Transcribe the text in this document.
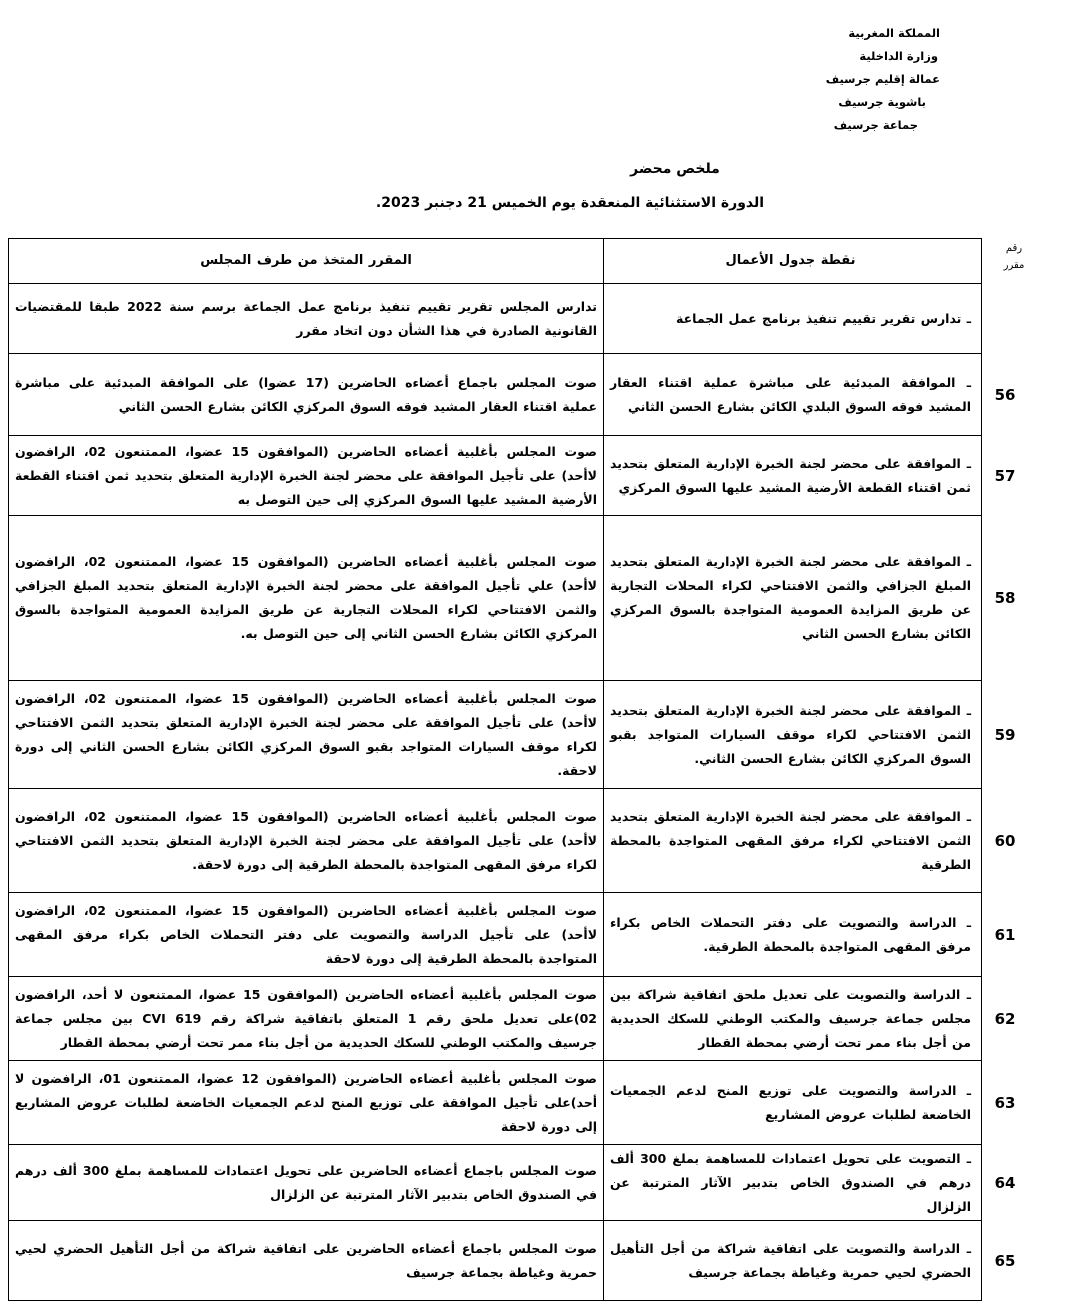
المملكة المغربية
وزارة الداخلية
عمالة إقليم جرسيف
باشوية جرسيف
جماعة جرسيف
ملخص محضر
الدورة الاستثنائية المنعقدة يوم الخميس 21 دجنبر 2023.
رقم
مقرر
	نقطة جدول الأعمال	المقرر المتخذ من طرف المجلس
	ـ تدارس تقرير تقييم تنفيذ برنامج عمل الجماعة	تدارس المجلس تقرير تقييم تنفيذ برنامج عمل الجماعة برسم سنة 2022 طبقا للمقتضيات القانونية الصادرة في هذا الشأن دون اتخاد مقرر
56	ـ الموافقة المبدئية على مباشرة عملية اقتناء العقار المشيد فوقه السوق البلدي الكائن بشارع الحسن الثاني	صوت المجلس باجماع أعضاءه الحاضرين (17 عضوا) على الموافقة المبدئية على مباشرة عملية اقتناء العقار المشيد فوقه السوق المركزي الكائن بشارع الحسن الثاني
57	ـ الموافقة على محضر لجنة الخبرة الإدارية المتعلق بتحديد ثمن اقتناء القطعة الأرضية المشيد عليها السوق المركزي	صوت المجلس بأغلبية أعضاءه الحاضرين (الموافقون 15 عضوا، الممتنعون 02، الرافضون لاأحد) على تأجيل الموافقة على محضر لجنة الخبرة الإدارية المتعلق بتحديد ثمن اقتناء القطعة الأرضية المشيد عليها السوق المركزي إلى حين التوصل به
58	ـ الموافقة على محضر لجنة الخبرة الإدارية المتعلق بتحديد المبلغ الجزافي والثمن الافتتاحي لكراء المحلات التجارية عن طريق المزايدة العمومية المتواجدة بالسوق المركزي الكائن بشارع الحسن الثاني	صوت المجلس بأغلبية أعضاءه الحاضرين (الموافقون 15 عضوا، الممتنعون 02، الرافضون لاأحد) علي تأجيل الموافقة على محضر لجنة الخبرة الإدارية المتعلق بتحديد المبلغ الجزافي والثمن الافتتاحي لكراء المحلات التجارية عن طريق المزايدة العمومية المتواجدة بالسوق المركزي الكائن بشارع الحسن الثاني إلى حين التوصل به.
59	ـ الموافقة على محضر لجنة الخبرة الإدارية المتعلق بتحديد الثمن الافتتاحي لكراء موقف السيارات المتواجد بقبو السوق المركزي الكائن بشارع الحسن الثاني.	صوت المجلس بأغلبية أعضاءه الحاضرين (الموافقون 15 عضوا، الممتنعون 02، الرافضون لاأحد) على تأجيل الموافقة على محضر لجنة الخبرة الإدارية المتعلق بتحديد الثمن الافتتاحي لكراء موقف السيارات المتواجد بقبو السوق المركزي الكائن بشارع الحسن الثاني إلى دورة لاحقة.
60	ـ الموافقة على محضر لجنة الخبرة الإدارية المتعلق بتحديد الثمن الافتتاحي لكراء مرفق المقهى المتواجدة بالمحطة الطرقية	صوت المجلس بأغلبية أعضاءه الحاضرين (الموافقون 15 عضوا، الممتنعون 02، الرافضون لاأحد) على تأجيل الموافقة على محضر لجنة الخبرة الإدارية المتعلق بتحديد الثمن الافتتاحي لكراء مرفق المقهى المتواجدة بالمحطة الطرقية إلى دورة لاحقة.
61	ـ الدراسة والتصويت على دفتر التحملات الخاص بكراء مرفق المقهى المتواجدة بالمحطة الطرقية.	صوت المجلس بأغلبية أعضاءه الحاضرين (الموافقون 15 عضوا، الممتنعون 02، الرافضون لاأحد) على تأجيل الدراسة والتصويت على دفتر التحملات الخاص بكراء مرفق المقهى المتواجدة بالمحطة الطرقية إلى دورة لاحقة
62	ـ الدراسة والتصويت على تعديل ملحق اتفاقية شراكة بين مجلس جماعة جرسيف والمكتب الوطني للسكك الحديدية من أجل بناء ممر تحت أرضي بمحطة القطار	صوت المجلس بأغلبية أعضاءه الحاضرين (الموافقون 15 عضوا، الممتنعون لا أحد، الرافضون 02)على تعديل ملحق رقم 1 المتعلق باتفاقية شراكة رقم CVI 619 بين مجلس جماعة جرسيف والمكتب الوطني للسكك الحديدية من أجل بناء ممر تحت أرضي بمحطة القطار
63	ـ الدراسة والتصويت على توزيع المنح لدعم الجمعيات الخاضعة لطلبات عروض المشاريع	صوت المجلس بأغلبية أعضاءه الحاضرين (الموافقون 12 عضوا، الممتنعون 01، الرافضون لا أحد)على تأجيل الموافقة على توزيع المنح لدعم الجمعيات الخاضعة لطلبات عروض المشاريع إلى دورة لاحقة
64	ـ التصويت على تحويل اعتمادات للمساهمة بملغ 300 ألف درهم في الصندوق الخاص بتدبير الآثار المترتبة عن الزلزال	صوت المجلس باجماع أعضاءه الحاضرين على تحويل اعتمادات للمساهمة بملغ 300 ألف درهم في الصندوق الخاص بتدبير الآثار المترتبة عن الزلزال
65	ـ الدراسة والتصويت على اتفاقية شراكة من أجل التأهيل الحضري لحيي حمرية وغياطة بجماعة جرسيف	صوت المجلس باجماع أعضاءه الحاضرين على اتفاقية شراكة من أجل التأهيل الحضري لحيي حمرية وغياطة بجماعة جرسيف
